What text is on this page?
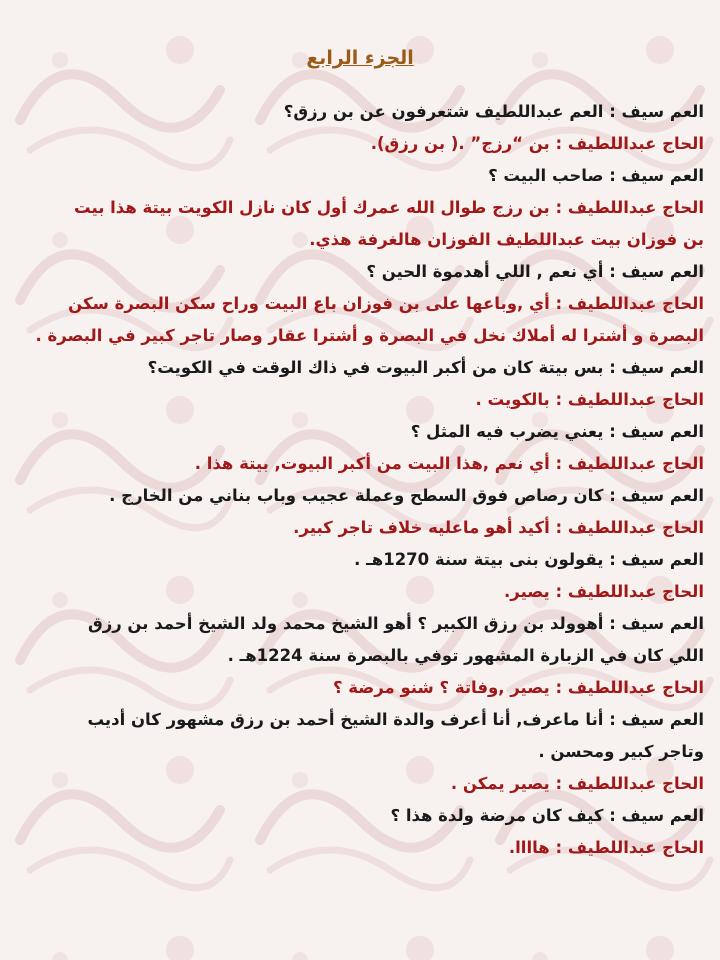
الجزء الرابع
العم سيف : العم عبداللطيف شتعرفون عن بن رزق؟
الحاج عبداللطيف : بن “رزج” .( بن رزق).
العم سيف : صاحب البيت ؟
الحاج عبداللطيف : بن رزج طوال الله عمرك أول كان نازل الكويت بيتة هذا بيت
بن فوزان بيت عبداللطيف الفوزان هالغرفة هذي.
العم سيف : أي نعم , اللي أهدموة الحين ؟
الحاج عبداللطيف : أي ,وباعها على بن فوزان باع البيت وراح سكن البصرة سكن
البصرة و أشترا له أملاك نخل في البصرة و أشترا عقار وصار تاجر كبير في البصرة .
العم سيف : بس بيتة كان من أكبر البيوت في ذاك الوقت في الكويت؟
الحاج عبداللطيف : بالكويت .
العم سيف : يعني يضرب فيه المثل ؟
الحاج عبداللطيف : أي نعم ,هذا البيت من أكبر البيوت, بيتة هذا .
العم سيف : كان رصاص فوق السطح وعملة عجيب وباب بناني من الخارج .
الحاج عبداللطيف : أكيد أهو ماعليه خلاف تاجر كبير.
العم سيف : يقولون بنى بيتة سنة 1270هـ .
الحاج عبداللطيف : يصير.
العم سيف : أهوولد بن رزق الكبير ؟ أهو الشيخ محمد ولد الشيخ أحمد بن رزق
اللي كان في الزبارة المشهور توفي بالبصرة سنة 1224هـ .
الحاج عبداللطيف : يصير ,وفاتة ؟ شنو مرضة ؟
العم سيف : أنا ماعرف, أنا أعرف والدة الشيخ أحمد بن رزق مشهور كان أديب
وتاجر كبير ومحسن .
الحاج عبداللطيف : يصير يمكن .
العم سيف : كيف كان مرضة ولدة هذا ؟
الحاج عبداللطيف : هاااا.
